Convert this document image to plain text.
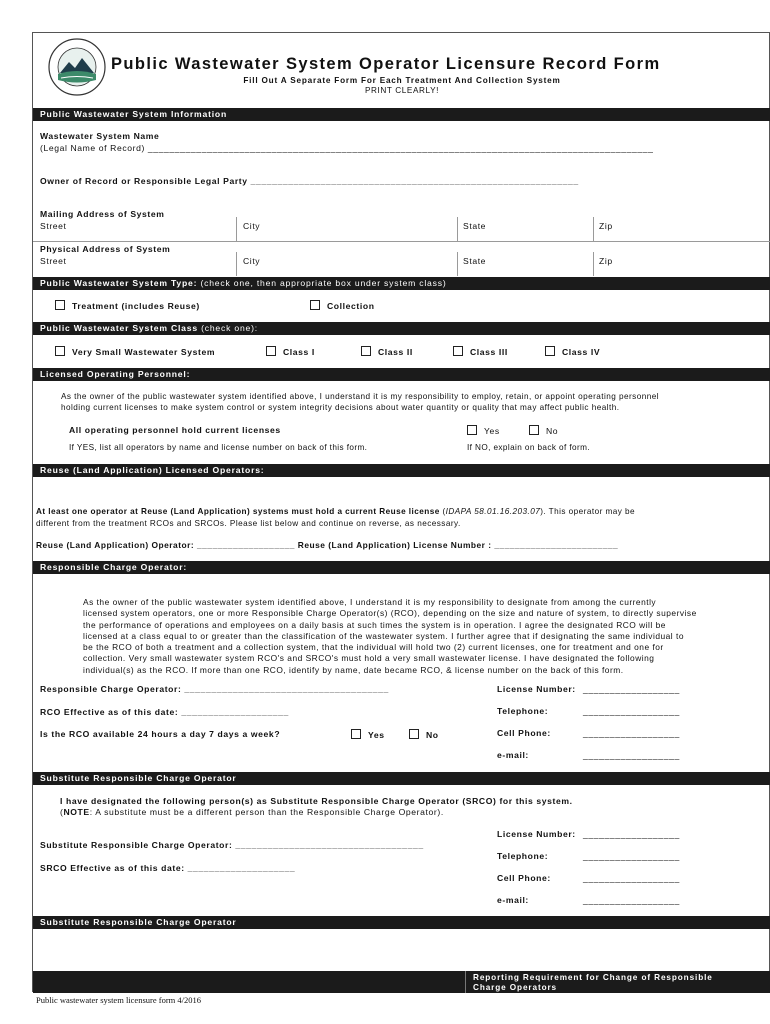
Public Wastewater System Operator Licensure Record Form
Fill Out A Separate Form For Each Treatment And Collection System
PRINT CLEARLY!
Public Wastewater System Information
Wastewater System Name
(Legal Name of Record) ______________________________________________________________________________________________
Owner of Record or Responsible Legal Party _____________________________________________________________
Mailing Address of System
Street	City	State	Zip
Physical Address of System
Street	City	State	Zip
Public Wastewater System Type: (check one, then appropriate box under system class)
Treatment (includes Reuse)	Collection
Public Wastewater System Class (check one):
Very Small Wastewater System	Class I	Class II	Class III	Class IV
Licensed Operating Personnel:
As the owner of the public wastewater system identified above, I understand it is my responsibility to employ, retain, or appoint operating personnel
holding current licenses to make system control or system integrity decisions about water quantity or quality that may affect public health.
All operating personnel hold current licenses	Yes	No
If YES, list all operators by name and license number on back of this form.	If NO, explain on back of form.
Reuse (Land Application) Licensed Operators:
At least one operator at Reuse (Land Application) systems must hold a current Reuse license (IDAPA 58.01.16.203.07). This operator may be
different from the treatment RCOs and SRCOs. Please list below and continue on reverse, as necessary.
Reuse (Land Application) Operator: ___________________ Reuse (Land Application) License Number : ________________________
Responsible Charge Operator:
As the owner of the public wastewater system identified above, I understand it is my responsibility to designate from among the currently
licensed system operators, one or more Responsible Charge Operator(s) (RCO), depending on the size and nature of system, to directly supervise
the performance of operations and employees on a daily basis at such times the system is in operation. I agree the designated RCO will be
licensed at a class equal to or greater than the classification of the wastewater system. I further agree that if designating the same individual to
be the RCO of both a treatment and a collection system, that the individual will hold two (2) current licenses, one for treatment and one for
collection. Very small wastewater system RCO's and SRCO's must hold a very small wastewater license. I have designated the following
individual(s) as the RCO. If more than one RCO, identify by name, date became RCO, & license number on the back of this form.
Responsible Charge Operator: ______________________________________
RCO Effective as of this date: ____________________
Is the RCO available 24 hours a day 7 days a week?	Yes	No
License Number: __________________
Telephone:	__________________
Cell Phone:	__________________
e-mail:	__________________
Substitute Responsible Charge Operator
I have designated the following person(s) as Substitute Responsible Charge Operator (SRCO) for this system.
(NOTE: A substitute must be a different person than the Responsible Charge Operator).
Substitute Responsible Charge Operator: ___________________________________
SRCO Effective as of this date: ____________________
License Number: __________________
Telephone:	__________________
Cell Phone:	__________________
e-mail:	__________________
Substitute Responsible Charge Operator
Reporting Requirement for Change of Responsible
Charge Operators
Public wastewater system licensure form 4/2016
